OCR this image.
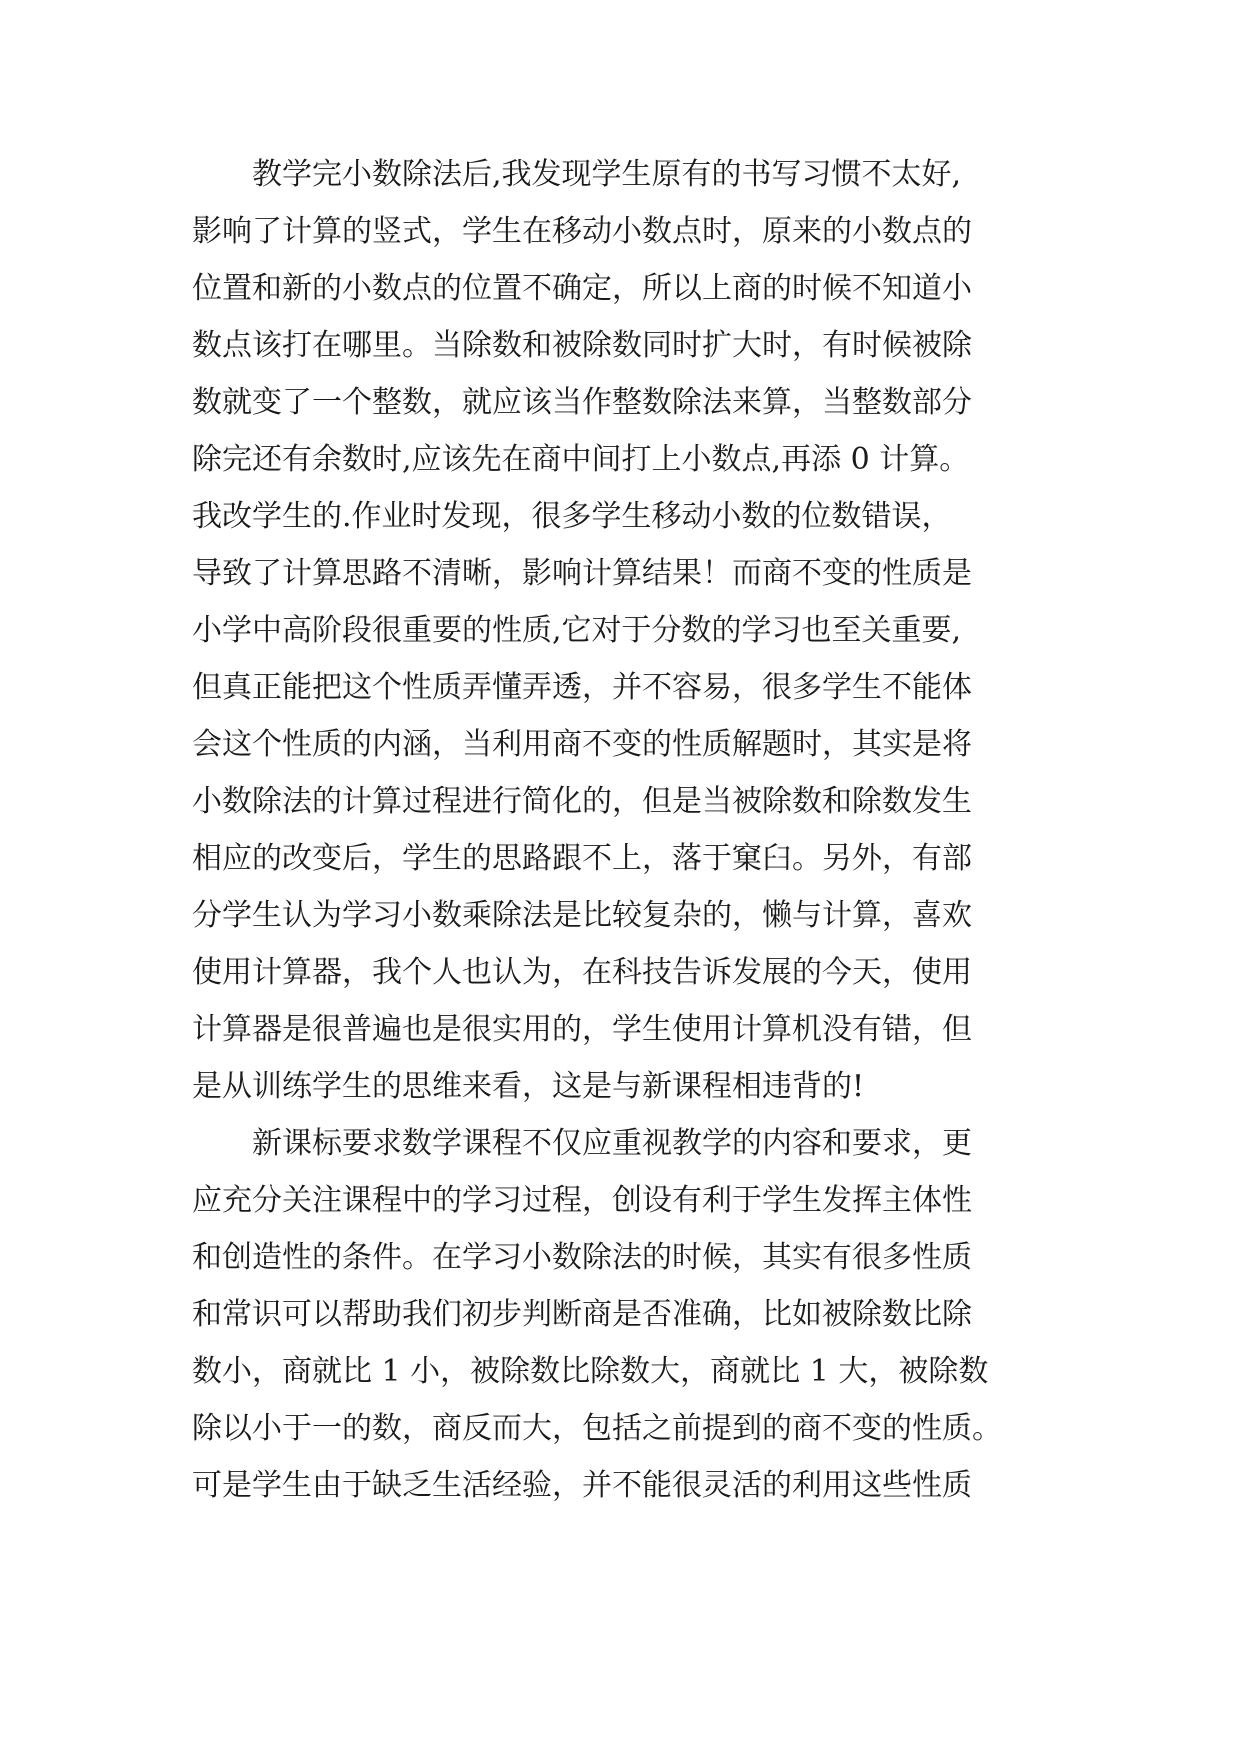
教学完小数除法后,我发现学生原有的书写习惯不太好,
影响了计算的竖式，学生在移动小数点时，原来的小数点的
位置和新的小数点的位置不确定，所以上商的时候不知道小
数点该打在哪里。当除数和被除数同时扩大时，有时候被除
数就变了一个整数，就应该当作整数除法来算，当整数部分
除完还有余数时,应该先在商中间打上小数点,再添 0 计算。
我改学生的.作业时发现，很多学生移动小数的位数错误，
导致了计算思路不清晰，影响计算结果！而商不变的性质是
小学中高阶段很重要的性质,它对于分数的学习也至关重要,
但真正能把这个性质弄懂弄透，并不容易，很多学生不能体
会这个性质的内涵，当利用商不变的性质解题时，其实是将
小数除法的计算过程进行简化的，但是当被除数和除数发生
相应的改变后，学生的思路跟不上，落于窠臼。另外，有部
分学生认为学习小数乘除法是比较复杂的，懒与计算，喜欢
使用计算器，我个人也认为，在科技告诉发展的今天，使用
计算器是很普遍也是很实用的，学生使用计算机没有错，但
是从训练学生的思维来看，这是与新课程相违背的!
新课标要求数学课程不仅应重视教学的内容和要求，更
应充分关注课程中的学习过程，创设有利于学生发挥主体性
和创造性的条件。在学习小数除法的时候，其实有很多性质
和常识可以帮助我们初步判断商是否准确，比如被除数比除
数小，商就比 1 小，被除数比除数大，商就比 1 大，被除数
除以小于一的数，商反而大，包括之前提到的商不变的性质。
可是学生由于缺乏生活经验，并不能很灵活的利用这些性质
